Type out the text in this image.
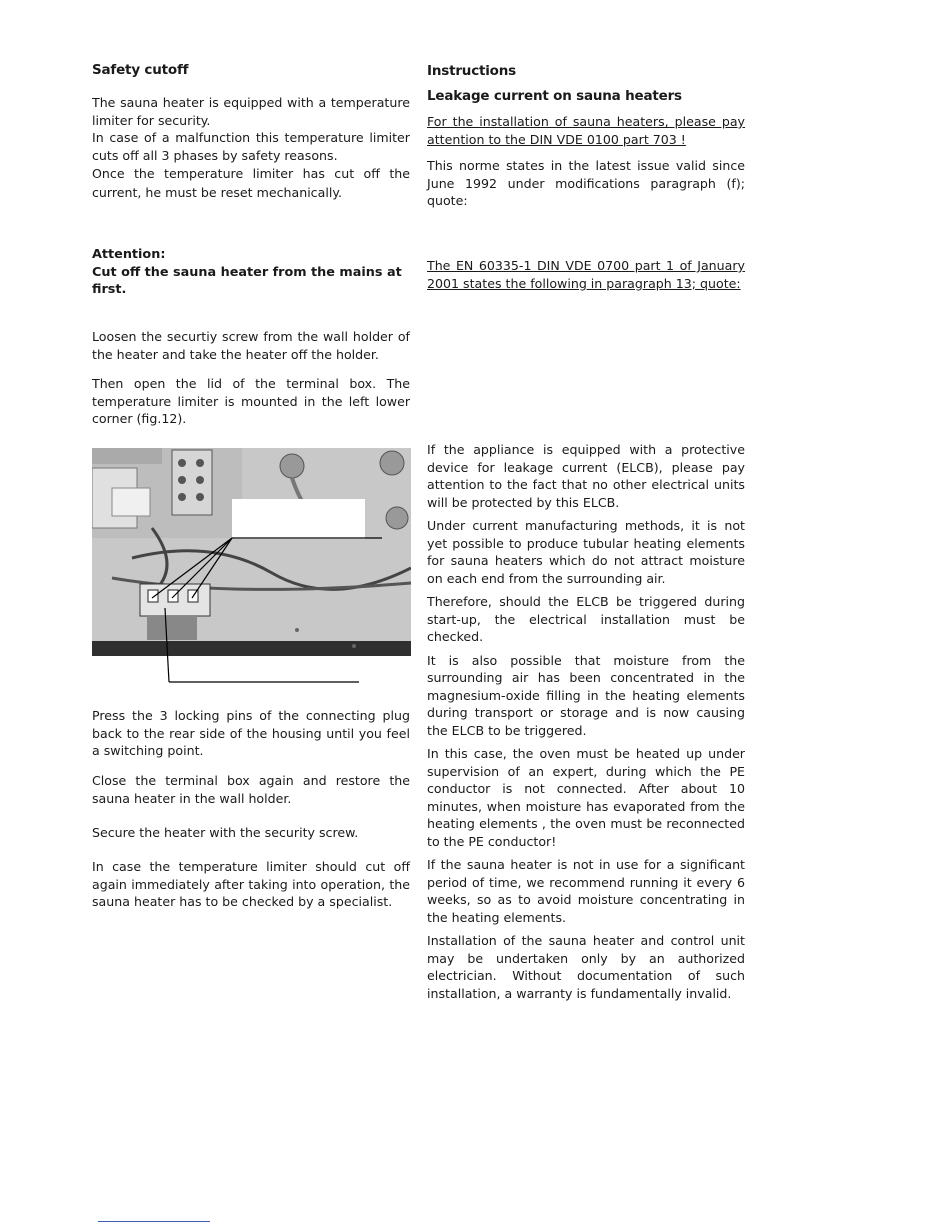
Safety cutoff

The sauna heater is equipped with a temperature limiter for security.

In case of a malfunction this temperature limiter cuts off all 3 phases by safety reasons.

Once the temperature limiter has cut off the current, he must be reset mechanically.

Attention:
Cut off the sauna heater from the mains at first.

Loosen the securtiy screw from the wall holder of the heater and take the heater off the holder.

Then open the lid of the terminal box. The temperature limiter is mounted in the left lower corner (fig.12).

Press the 3 locking pins of the connecting plug back to the rear side of the housing until you feel a switching point.

Close the terminal box again and restore the sauna heater in the wall holder.

Secure the heater with the security screw.

In case the temperature limiter should cut off again immediately after taking into operation, the sauna heater has to be checked by a specialist.

Instructions
Leakage current on sauna heaters

For the installation of sauna heaters, please pay attention to the DIN VDE 0100 part 703 !

This norme states in the latest issue valid since June 1992 under modifications paragraph (f); quote:

The EN 60335-1 DIN VDE 0700 part 1 of January 2001 states the following in paragraph 13; quote:

If the appliance is equipped with a protective device for leakage current (ELCB), please pay attention to the fact that no other electrical units will be protected by this ELCB.

Under current manufacturing methods, it is not yet possible to produce tubular heating elements for sauna heaters which do not attract moisture on each end from the surrounding air.

Therefore, should the ELCB be triggered during start-up, the electrical installation must be checked.

It is also possible that moisture from the surrounding air has been concentrated in the magnesium-oxide filling in the heating elements during transport or storage and is now causing the ELCB to be triggered.

In this case, the oven must be heated up under supervision of an expert, during which the PE conductor is not connected. After about 10 minutes, when moisture has evaporated from the heating elements , the oven must be reconnected to the PE conductor!

If the sauna heater is not in use for a significant period of time, we recommend running it every 6 weeks, so as to avoid moisture concentrating in the heating elements.

Installation of the sauna heater and control unit may be undertaken only by an authorized electrician. Without documentation of such installation, a warranty is fundamentally invalid.
